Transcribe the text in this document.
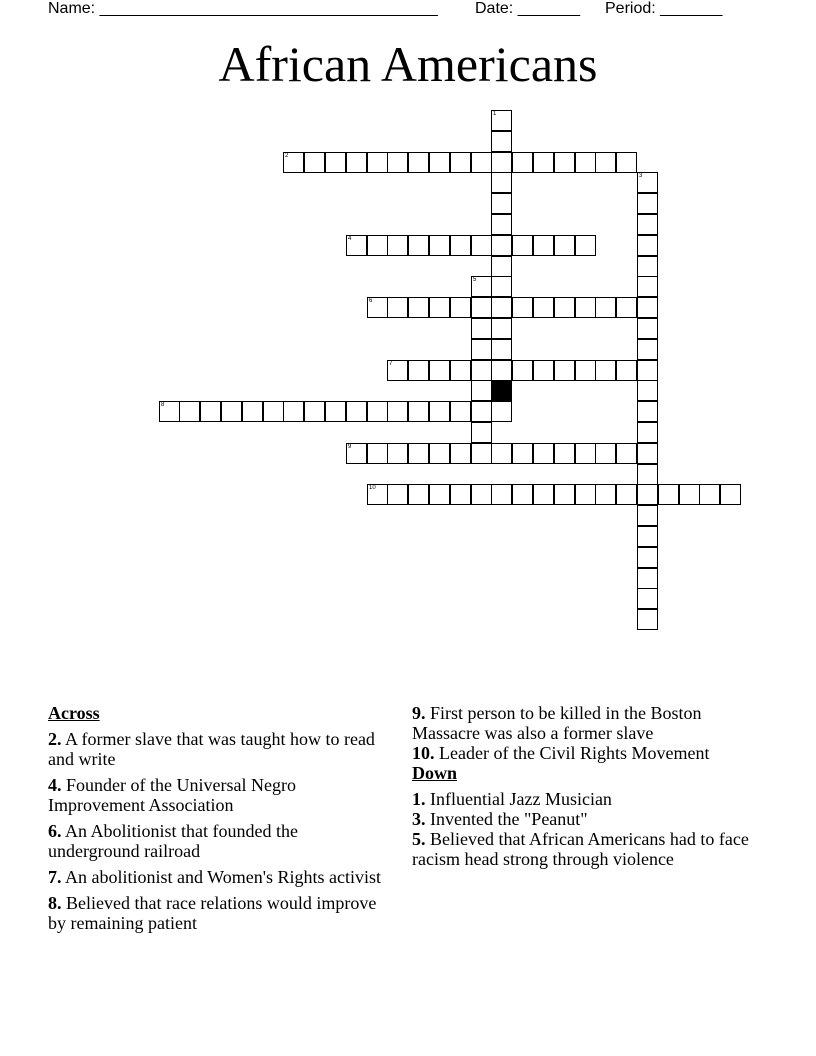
Name: ______________________________________ Date: _______ Period: _______
African Americans
1
2
3
4
5
6
7
8
9
10
Across
2. A former slave that was taught how to read and write
4. Founder of the Universal Negro Improvement Association
6. An Abolitionist that founded the underground railroad
7. An abolitionist and Women's Rights activist
8. Believed that race relations would improve by remaining patient
9. First person to be killed in the Boston Massacre was also a former slave
10. Leader of the Civil Rights Movement
Down
1. Influential Jazz Musician
3. Invented the "Peanut"
5. Believed that African Americans had to face racism head strong through violence
